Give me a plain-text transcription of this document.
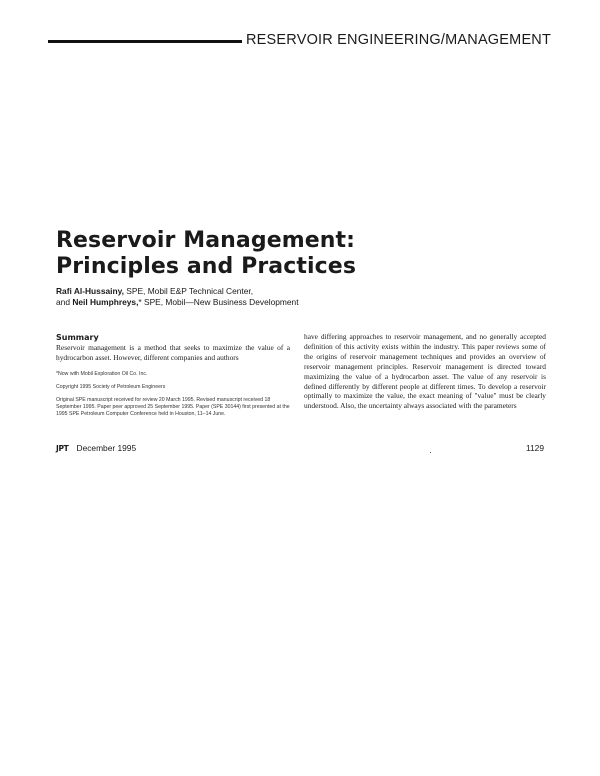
RESERVOIR ENGINEERING/MANAGEMENT
Reservoir Management:
Principles and Practices
Rafi Al-Hussainy, SPE, Mobil E&P Technical Center,
and Neil Humphreys,* SPE, Mobil—New Business Development

Summary

Reservoir management is a method that seeks to maximize the value of a hydrocarbon asset. However, different companies and authors

*Now with Mobil Exploration Oil Co. Inc.

Copyright 1995 Society of Petroleum Engineers

Original SPE manuscript received for review 20 March 1995. Revised manuscript received 18 September 1995. Paper peer approved 25 September 1995. Paper (SPE 30144) first presented at the 1995 SPE Petroleum Computer Conference held in Houston, 11–14 June.

have differing approaches to reservoir management, and no generally accepted definition of this activity exists within the industry. This paper reviews some of the origins of reservoir management techniques and provides an overview of reservoir management principles. Reservoir management is directed toward maximizing the value of a hydrocarbon asset. The value of any reservoir is defined differently by different people at different times. To develop a reservoir optimally to maximize the value, the exact meaning of "value" must be clearly understood. Also, the uncertainty always associated with the parameters

JPT December 1995	1129
